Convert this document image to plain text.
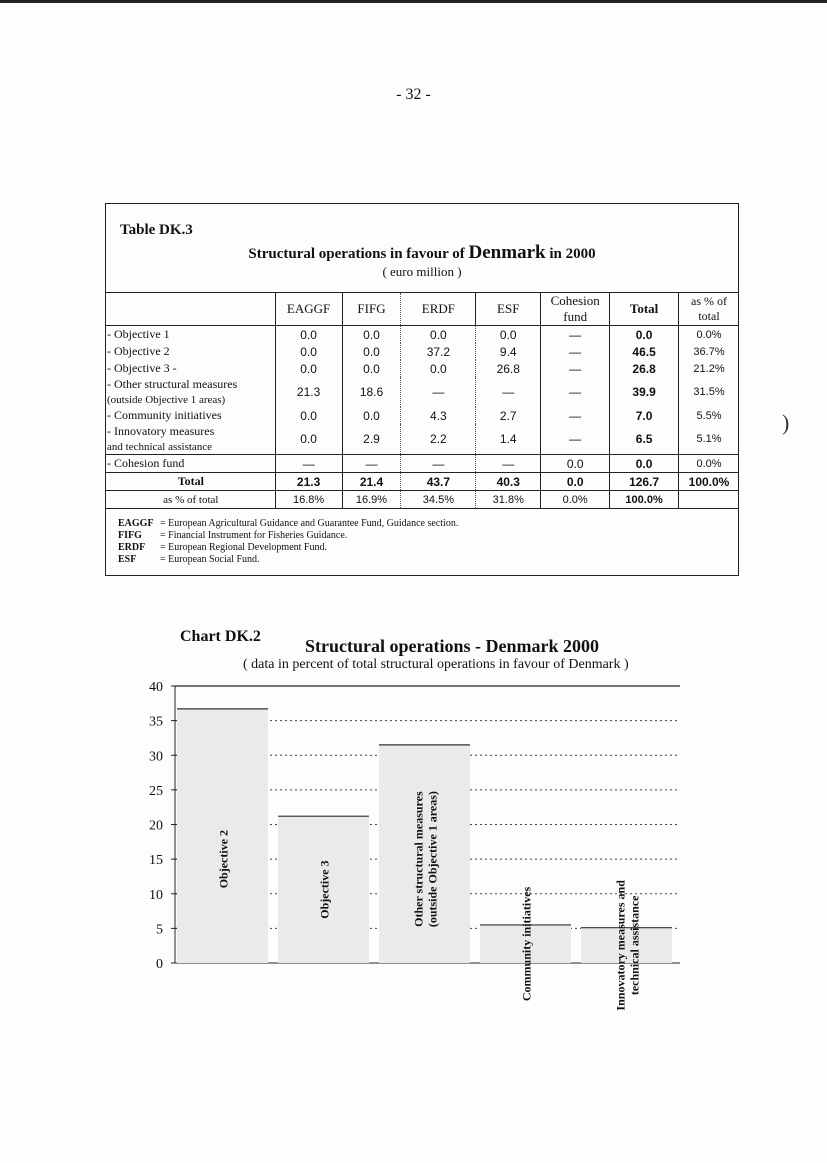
- 32 -
Table DK.3
Structural operations in favour of Denmark in 2000
( euro million )
	EAGGF	FIFG	ERDF	ESF	Cohesion fund	Total	as % of total
- Objective 1	0.0	0.0	0.0	0.0	—	0.0	0.0%
- Objective 2	0.0	0.0	37.2	9.4	—	46.5	36.7%
- Objective 3 -	0.0	0.0	0.0	26.8	—	26.8	21.2%
- Other structural measures
(outside Objective 1 areas)	21.3	18.6	—	—	—	39.9	31.5%
- Community initiatives	0.0	0.0	4.3	2.7	—	7.0	5.5%
- Innovatory measures
and technical assistance	0.0	2.9	2.2	1.4	—	6.5	5.1%
- Cohesion fund	—	—	—	—	0.0	0.0	0.0%
Total	21.3	21.4	43.7	40.3	0.0	126.7	100.0%
as % of total	16.8%	16.9%	34.5%	31.8%	0.0%	100.0%	
EAGGF = European Agricultural Guidance and Guarantee Fund, Guidance section.
FIFG = Financial Instrument for Fisheries Guidance.
ERDF = European Regional Development Fund.
ESF = European Social Fund.
Chart DK.2 Structural operations - Denmark 2000
( data in percent of total structural operations in favour of Denmark )
0
5
10
15
20
25
30
35
40
Objective 2
Objective 3	Other structural measures (outside Objective 1 areas)
Community initiatives	Innovatory measures and technical assistance
)
